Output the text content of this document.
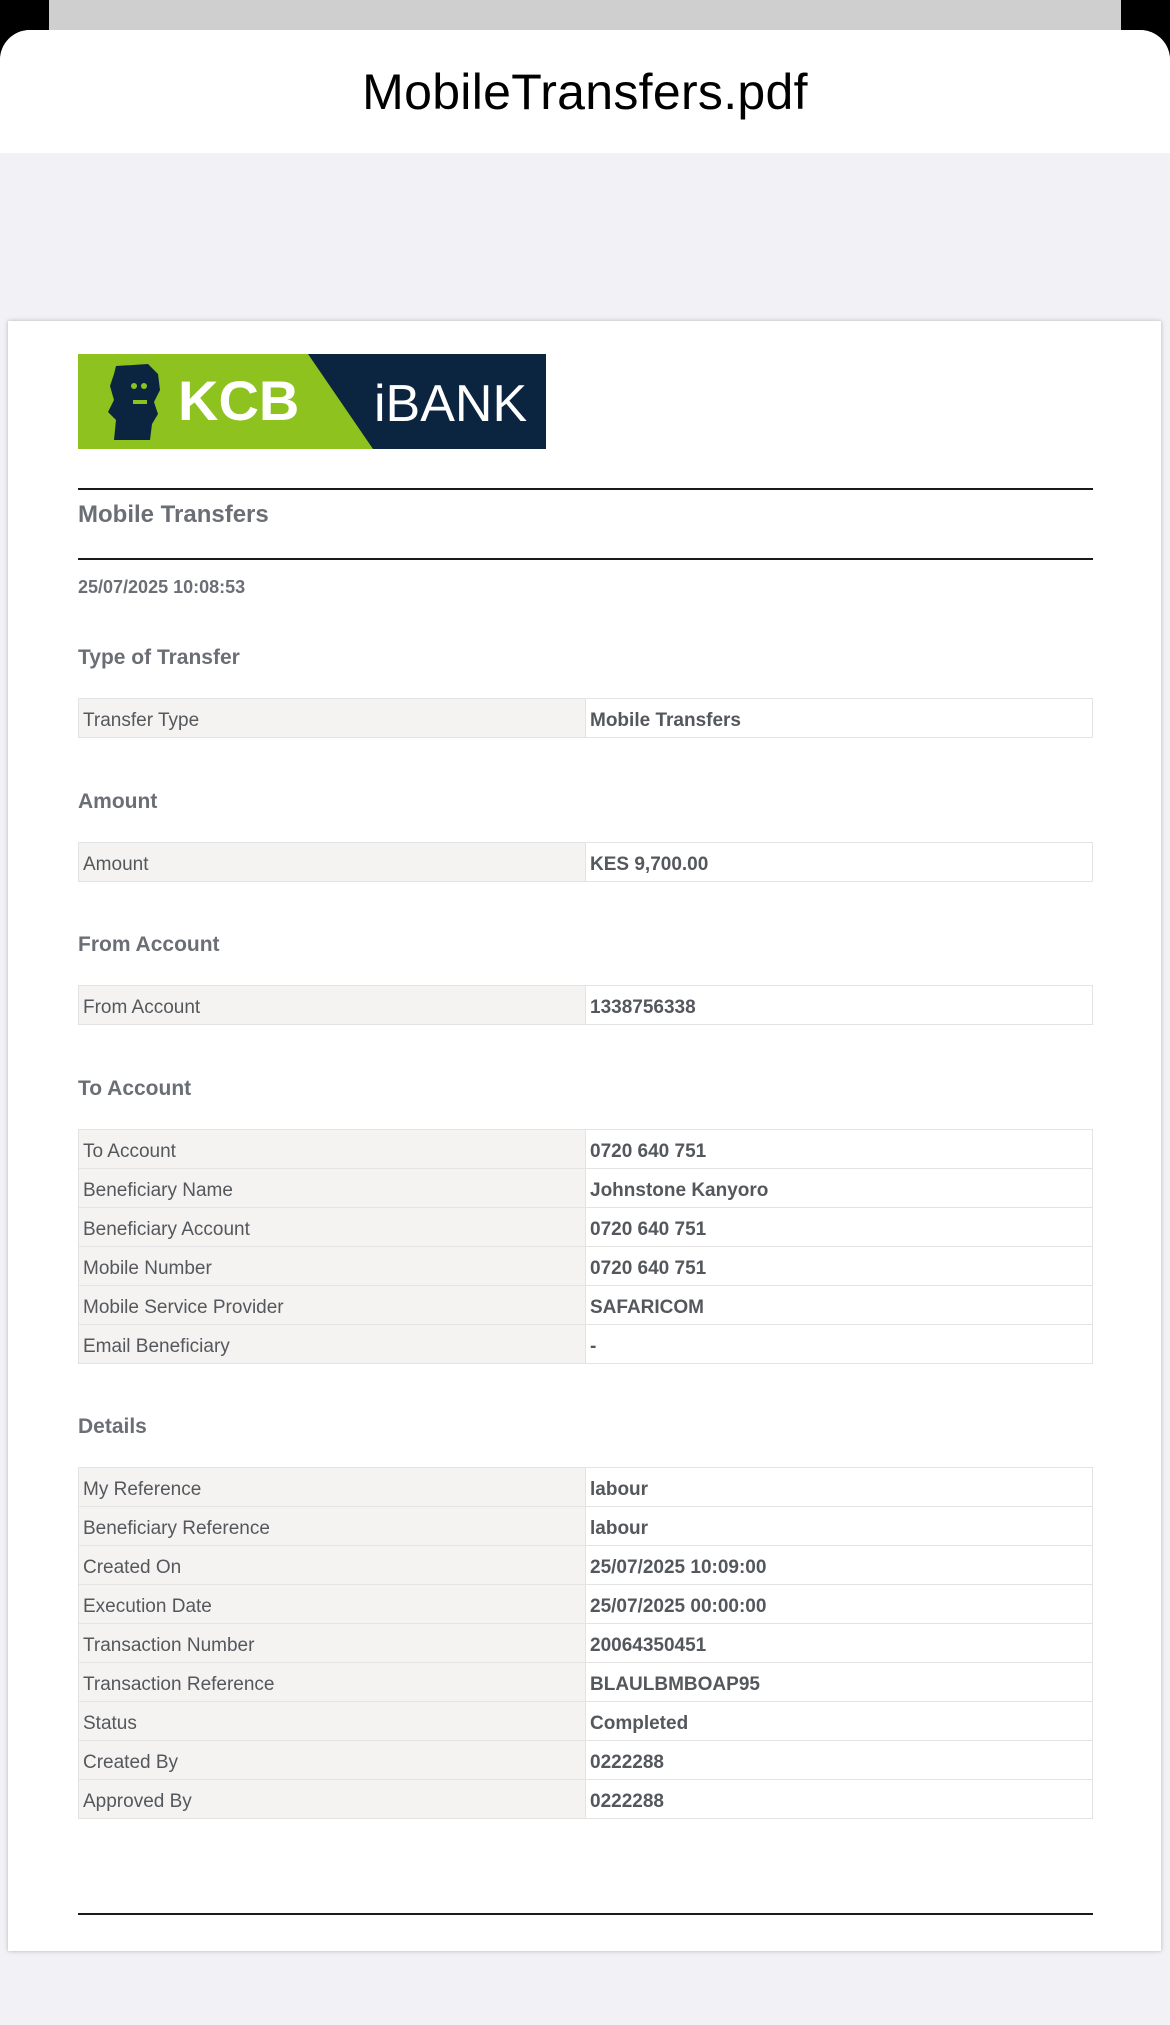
MobileTransfers.pdf
KCB iBANK
Mobile Transfers
25/07/2025 10:08:53
Type of Transfer
Transfer Type	Mobile Transfers
Amount
Amount	KES 9,700.00
From Account
From Account	1338756338
To Account
To Account	0720 640 751
Beneficiary Name	Johnstone Kanyoro
Beneficiary Account	0720 640 751
Mobile Number	0720 640 751
Mobile Service Provider	SAFARICOM
Email Beneficiary	-
Details
My Reference	labour
Beneficiary Reference	labour
Created On	25/07/2025 10:09:00
Execution Date	25/07/2025 00:00:00
Transaction Number	20064350451
Transaction Reference	BLAULBMBOAP95
Status	Completed
Created By	0222288
Approved By	0222288
